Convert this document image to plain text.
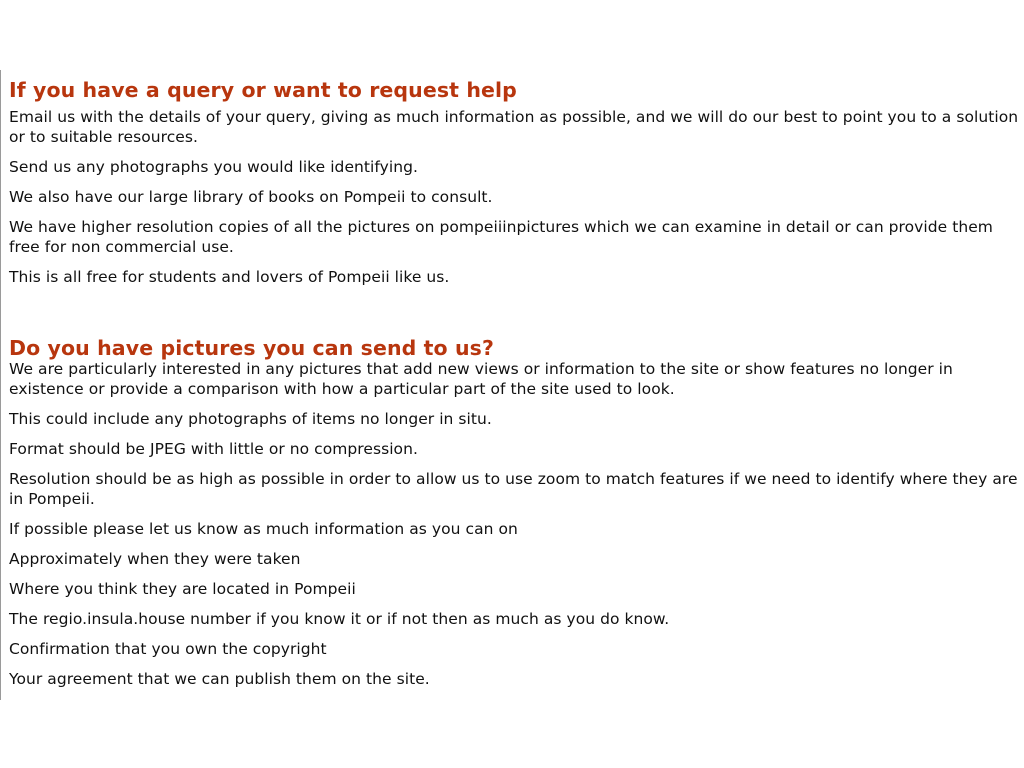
If you have a query or want to request help

Email us with the details of your query, giving as much information as possible, and we will do our best to point you to a solution or to suitable resources.

Send us any photographs you would like identifying.

We also have our large library of books on Pompeii to consult.

We have higher resolution copies of all the pictures on pompeiiinpictures which we can examine in detail or can provide them free for non commercial use.

This is all free for students and lovers of Pompeii like us.

Do you have pictures you can send to us?

We are particularly interested in any pictures that add new views or information to the site or show features no longer in existence or provide a comparison with how a particular part of the site used to look.

This could include any photographs of items no longer in situ.

Format should be JPEG with little or no compression.

Resolution should be as high as possible in order to allow us to use zoom to match features if we need to identify where they are in Pompeii.

If possible please let us know as much information as you can on

Approximately when they were taken

Where you think they are located in Pompeii

The regio.insula.house number if you know it or if not then as much as you do know.

Confirmation that you own the copyright

Your agreement that we can publish them on the site.
